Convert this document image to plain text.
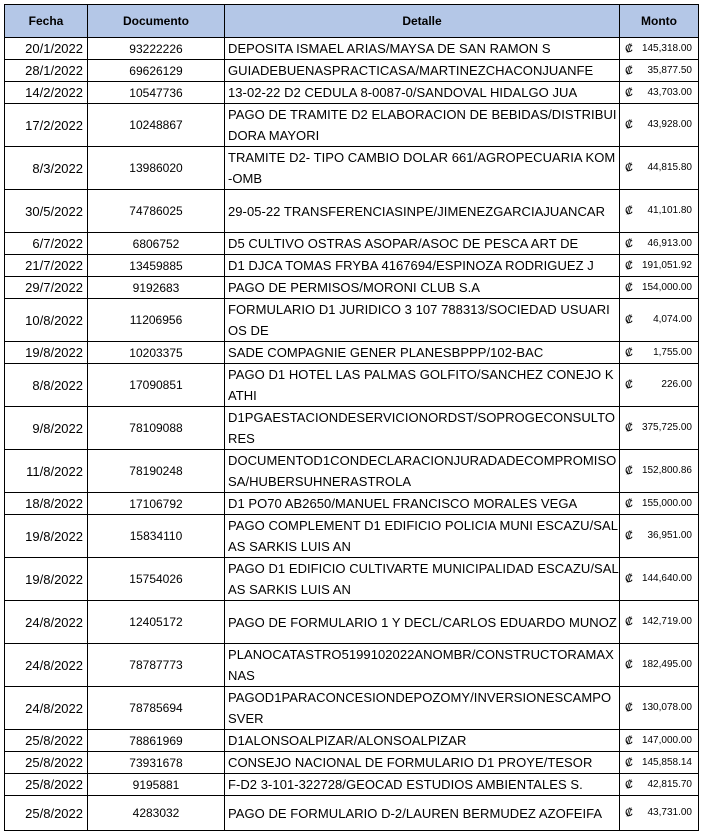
Fecha	Documento	Detalle	Monto
20/1/2022	93222226	DEPOSITA ISMAEL ARIAS/MAYSA DE SAN RAMON S	₡ 145,318.00

28/1/2022	69626129	GUIADEBUENASPRACTICASA/MARTINEZCHACONJUANFE	₡ 35,877.50

14/2/2022	10547736	13-02-22 D2 CEDULA 8-0087-0/SANDOVAL HIDALGO JUA	₡ 43,703.00

17/2/2022	10248867	PAGO DE TRAMITE D2 ELABORACION DE BEBIDAS/DISTRIBUIDORA MAYORI	₡ 43,928.00

8/3/2022	13986020	TRAMITE D2- TIPO CAMBIO DOLAR 661/AGROPECUARIA KOM-OMB	₡ 44,815.80

30/5/2022	74786025	29-05-22 TRANSFERENCIASINPE/JIMENEZGARCIAJUANCAR	₡ 41,101.80

6/7/2022	6806752	D5 CULTIVO OSTRAS ASOPAR/ASOC DE PESCA ART DE	₡ 46,913.00

21/7/2022	13459885	D1 DJCA TOMAS FRYBA 4167694/ESPINOZA RODRIGUEZ J	₡ 191,051.92

29/7/2022	9192683	PAGO DE PERMISOS/MORONI CLUB S.A	₡ 154,000.00

10/8/2022	11206956	FORMULARIO D1 JURIDICO 3 107 788313/SOCIEDAD USUARIOS DE	₡ 4,074.00

19/8/2022	10203375	SADE COMPAGNIE GENER PLANESBPPP/102-BAC	₡ 1,755.00

8/8/2022	17090851	PAGO D1 HOTEL LAS PALMAS GOLFITO/SANCHEZ CONEJO KATHI	₡ 226.00

9/8/2022	78109088	D1PGAESTACIONDESERVICIONORDST/SOPROGECONSULTORES	₡ 375,725.00

11/8/2022	78190248	DOCUMENTOD1CONDECLARACIONJURADADECOMPROMISOSA/HUBERSUHNERASTROLA	₡ 152,800.86

18/8/2022	17106792	D1 PO70 AB2650/MANUEL FRANCISCO MORALES VEGA	₡ 155,000.00

19/8/2022	15834110	PAGO COMPLEMENT D1 EDIFICIO POLICIA MUNI ESCAZU/SALAS SARKIS LUIS AN	₡ 36,951.00

19/8/2022	15754026	PAGO D1 EDIFICIO CULTIVARTE MUNICIPALIDAD ESCAZU/SALAS SARKIS LUIS AN	₡ 144,640.00

24/8/2022	12405172	PAGO DE FORMULARIO 1 Y DECL/CARLOS EDUARDO MUNOZ	₡ 142,719.00

24/8/2022	78787773	PLANOCATASTRO5199102022ANOMBR/CONSTRUCTORAMAXNAS	₡ 182,495.00

24/8/2022	78785694	PAGOD1PARACONCESIONDEPOZOMY/INVERSIONESCAMPOSVER	₡ 130,078.00

25/8/2022	78861969	D1ALONSOALPIZAR/ALONSOALPIZAR	₡ 147,000.00

25/8/2022	73931678	CONSEJO NACIONAL DE FORMULARIO D1 PROYE/TESOR	₡ 145,858.14

25/8/2022	9195881	F-D2 3-101-322728/GEOCAD ESTUDIOS AMBIENTALES S.	₡ 42,815.70

25/8/2022	4283032	PAGO DE FORMULARIO D-2/LAUREN BERMUDEZ AZOFEIFA	₡ 43,731.00
